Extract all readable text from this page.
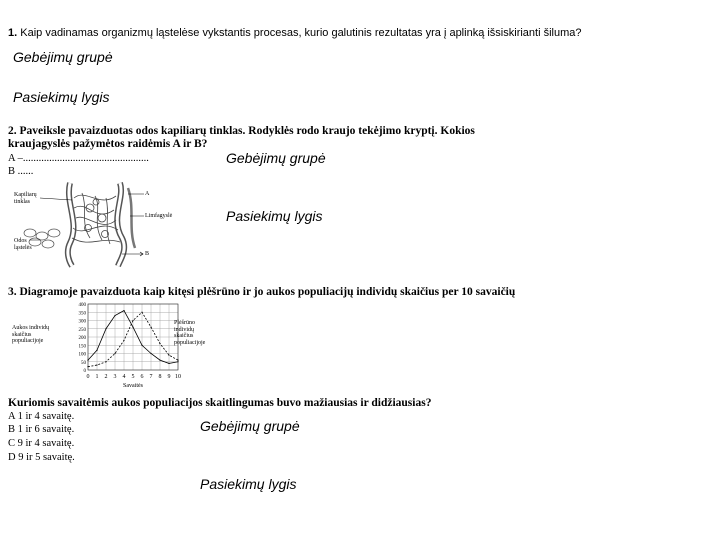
1. Kaip vadinamas organizmų ląstelėse vykstantis procesas, kurio galutinis rezultatas yra į aplinką išsiskirianti šiluma?
Gebėjimų grupė
Pasiekimų lygis
2. Paveiksle pavaizduotas odos kapiliarų tinklas. Rodyklės rodo kraujo tekėjimo kryptį. Kokios
kraujagyslės pažymėtos raidėmis A ir B?
A –................................................
B ......
Gebėjimų grupė
Pasiekimų lygis
Kapiliarų
tinklas
A
Limfagyslė
Odos
ląstelės
B
3. Diagramoje pavaizduota kaip kitęsi plėšrūno ir jo aukos populiacijų individų skaičius per 10 savaičių
0 1 2 3 4 5 6 7 8 9 10
0
50
100
150
200
250
300
350
400
Savaitės
Aukos individų
skaičius
populiacijoje
Plėšrūno
individų
skaičius
populiacijoje
Kuriomis savaitėmis aukos populiacijos skaitlingumas buvo mažiausias ir didžiausias?
A 1 ir 4 savaitę.
B 1 ir 6 savaitę.
C 9 ir 4 savaitę.
D 9 ir 5 savaitę.
Gebėjimų grupė
Pasiekimų lygis
